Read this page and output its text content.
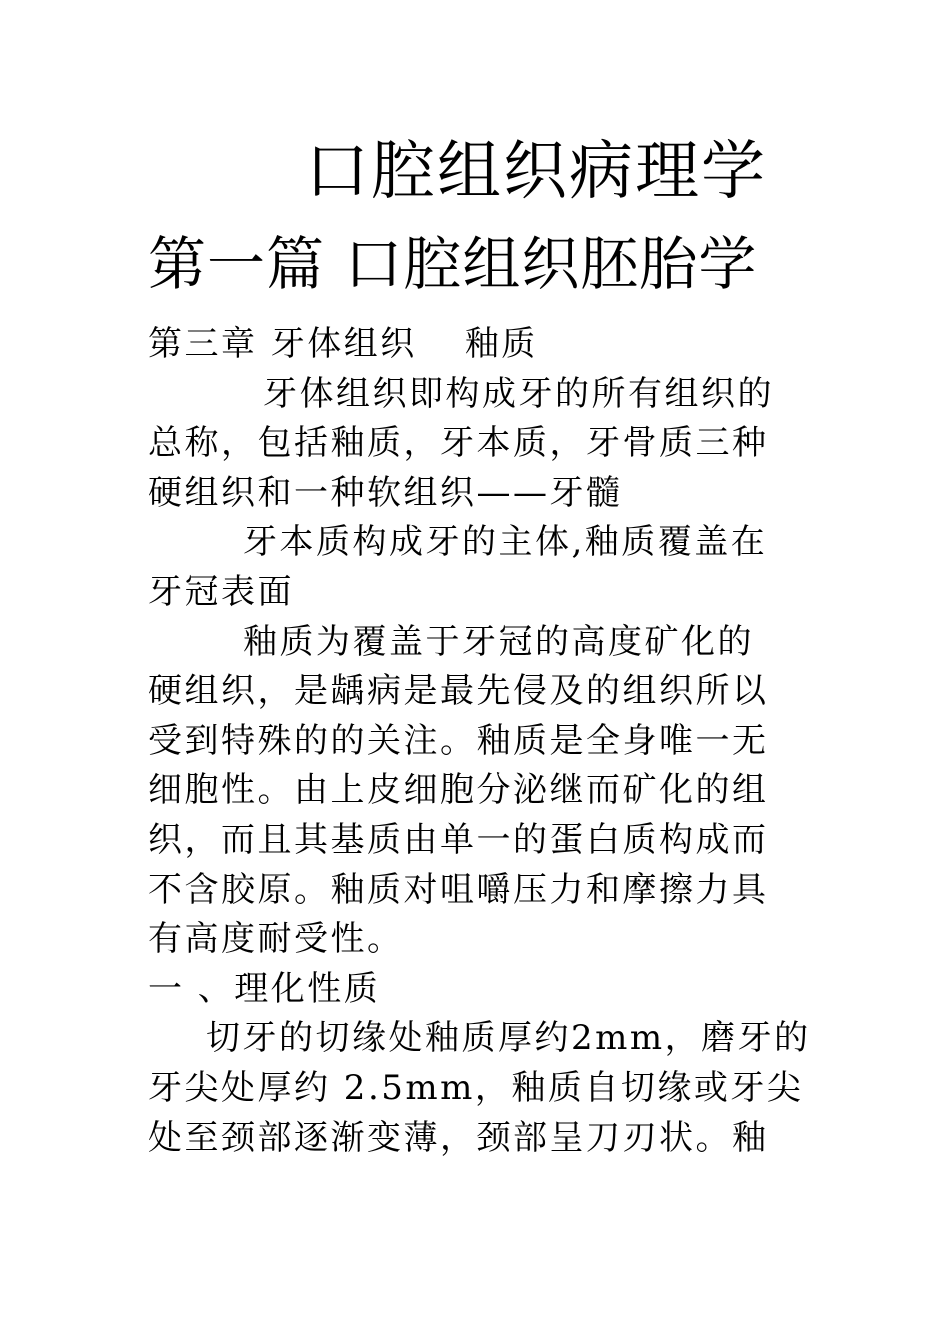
口腔组织病理学
第一篇 口腔组织胚胎学
第三章 牙体组织 釉质
牙体组织即构成牙的所有组织的
总称，包括釉质，牙本质，牙骨质三种
硬组织和一种软组织——牙髓
牙本质构成牙的主体,釉质覆盖在
牙冠表面
釉质为覆盖于牙冠的高度矿化的
硬组织，是龋病是最先侵及的组织所以
受到特殊的的关注。釉质是全身唯一无
细胞性。由上皮细胞分泌继而矿化的组
织，而且其基质由单一的蛋白质构成而
不含胶原。釉质对咀嚼压力和摩擦力具
有高度耐受性。
一 、理化性质
切牙的切缘处釉质厚约2mm，磨牙的
牙尖处厚约 2.5mm，釉质自切缘或牙尖
处至颈部逐渐变薄，颈部呈刀刃状。釉
